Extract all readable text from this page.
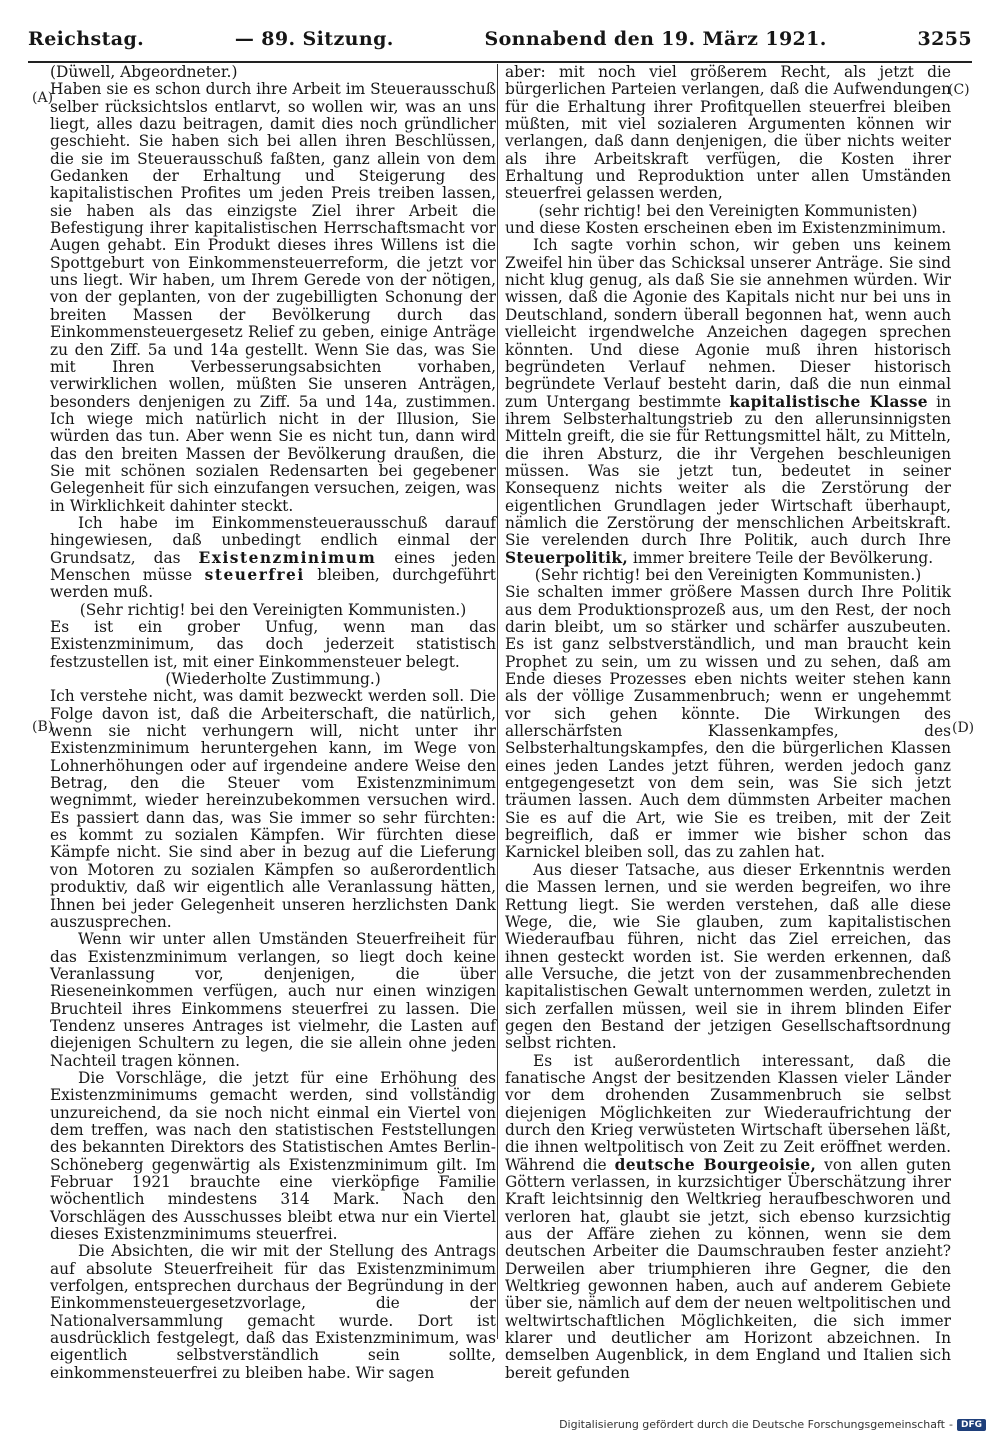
Reichstag.	— 89. Sitzung.	Sonnabend den 19. März 1921.	3255
(A)
(B)
(C)
(D)

(Düwell, Abgeordneter.)

Haben sie es schon durch ihre Arbeit im Steuerausschuß selber rücksichtslos entlarvt, so wollen wir, was an uns liegt, alles dazu beitragen, damit dies noch gründlicher geschieht. Sie haben sich bei allen ihren Beschlüssen, die sie im Steuerausschuß faßten, ganz allein von dem Gedanken der Erhaltung und Steigerung des kapitalistischen Profites um jeden Preis treiben lassen, sie haben als das einzigste Ziel ihrer Arbeit die Befestigung ihrer kapitalistischen Herrschaftsmacht vor Augen gehabt. Ein Produkt dieses ihres Willens ist die Spottgeburt von Einkommensteuerreform, die jetzt vor uns liegt. Wir haben, um Ihrem Gerede von der nötigen, von der geplanten, von der zugebilligten Schonung der breiten Massen der Bevölkerung durch das Einkommensteuergesetz Relief zu geben, einige Anträge zu den Ziff. 5a und 14a gestellt. Wenn Sie das, was Sie mit Ihren Verbesserungsabsichten vorhaben, verwirklichen wollen, müßten Sie unseren Anträgen, besonders denjenigen zu Ziff. 5a und 14a, zustimmen. Ich wiege mich natürlich nicht in der Illusion, Sie würden das tun. Aber wenn Sie es nicht tun, dann wird das den breiten Massen der Bevölkerung draußen, die Sie mit schönen sozialen Redensarten bei gegebener Gelegenheit für sich einzufangen versuchen, zeigen, was in Wirklichkeit dahinter steckt.

Ich habe im Einkommensteuerausschuß darauf hingewiesen, daß unbedingt endlich einmal der Grundsatz, das Existenzminimum eines jeden Menschen müsse steuerfrei bleiben, durchgeführt werden muß.

(Sehr richtig! bei den Vereinigten Kommunisten.)

Es ist ein grober Unfug, wenn man das Existenzminimum, das doch jederzeit statistisch festzustellen ist, mit einer Einkommensteuer belegt.

(Wiederholte Zustimmung.)

Ich verstehe nicht, was damit bezweckt werden soll. Die Folge davon ist, daß die Arbeiterschaft, die natürlich, wenn sie nicht verhungern will, nicht unter ihr Existenzminimum heruntergehen kann, im Wege von Lohnerhöhungen oder auf irgendeine andere Weise den Betrag, den die Steuer vom Existenzminimum wegnimmt, wieder hereinzubekommen versuchen wird. Es passiert dann das, was Sie immer so sehr fürchten: es kommt zu sozialen Kämpfen. Wir fürchten diese Kämpfe nicht. Sie sind aber in bezug auf die Lieferung von Motoren zu sozialen Kämpfen so außerordentlich produktiv, daß wir eigentlich alle Veranlassung hätten, Ihnen bei jeder Gelegenheit unseren herzlichsten Dank auszusprechen.

Wenn wir unter allen Umständen Steuerfreiheit für das Existenzminimum verlangen, so liegt doch keine Veranlassung vor, denjenigen, die über Rieseneinkommen verfügen, auch nur einen winzigen Bruchteil ihres Einkommens steuerfrei zu lassen. Die Tendenz unseres Antrages ist vielmehr, die Lasten auf diejenigen Schultern zu legen, die sie allein ohne jeden Nachteil tragen können.

Die Vorschläge, die jetzt für eine Erhöhung des Existenzminimums gemacht werden, sind vollständig unzureichend, da sie noch nicht einmal ein Viertel von dem treffen, was nach den statistischen Feststellungen des bekannten Direktors des Statistischen Amtes Berlin-Schöneberg gegenwärtig als Existenzminimum gilt. Im Februar 1921 brauchte eine vierköpfige Familie wöchentlich mindestens 314 Mark. Nach den Vorschlägen des Ausschusses bleibt etwa nur ein Viertel dieses Existenzminimums steuerfrei.

Die Absichten, die wir mit der Stellung des Antrags auf absolute Steuerfreiheit für das Existenzminimum verfolgen, entsprechen durchaus der Begründung in der Einkommensteuergesetzvorlage, die der Nationalversammlung gemacht wurde. Dort ist ausdrücklich festgelegt, daß das Existenzminimum, was eigentlich selbstverständlich sein sollte, einkommensteuerfrei zu bleiben habe. Wir sagen

aber: mit noch viel größerem Recht, als jetzt die bürgerlichen Parteien verlangen, daß die Aufwendungen für die Erhaltung ihrer Profitquellen steuerfrei bleiben müßten, mit viel sozialeren Argumenten können wir verlangen, daß dann denjenigen, die über nichts weiter als ihre Arbeitskraft verfügen, die Kosten ihrer Erhaltung und Reproduktion unter allen Umständen steuerfrei gelassen werden,

(sehr richtig! bei den Vereinigten Kommunisten)

und diese Kosten erscheinen eben im Existenzminimum.

Ich sagte vorhin schon, wir geben uns keinem Zweifel hin über das Schicksal unserer Anträge. Sie sind nicht klug genug, als daß Sie sie annehmen würden. Wir wissen, daß die Agonie des Kapitals nicht nur bei uns in Deutschland, sondern überall begonnen hat, wenn auch vielleicht irgendwelche Anzeichen dagegen sprechen könnten. Und diese Agonie muß ihren historisch begründeten Verlauf nehmen. Dieser historisch begründete Verlauf besteht darin, daß die nun einmal zum Untergang bestimmte kapitalistische Klasse in ihrem Selbsterhaltungstrieb zu den allerunsinnigsten Mitteln greift, die sie für Rettungsmittel hält, zu Mitteln, die ihren Absturz, die ihr Vergehen beschleunigen müssen. Was sie jetzt tun, bedeutet in seiner Konsequenz nichts weiter als die Zerstörung der eigentlichen Grundlagen jeder Wirtschaft überhaupt, nämlich die Zerstörung der menschlichen Arbeitskraft. Sie verelenden durch Ihre Politik, auch durch Ihre Steuerpolitik, immer breitere Teile der Bevölkerung.

(Sehr richtig! bei den Vereinigten Kommunisten.)

Sie schalten immer größere Massen durch Ihre Politik aus dem Produktionsprozeß aus, um den Rest, der noch darin bleibt, um so stärker und schärfer auszubeuten. Es ist ganz selbstverständlich, und man braucht kein Prophet zu sein, um zu wissen und zu sehen, daß am Ende dieses Prozesses eben nichts weiter stehen kann als der völlige Zusammenbruch; wenn er ungehemmt vor sich gehen könnte. Die Wirkungen des allerschärfsten Klassenkampfes, des Selbsterhaltungskampfes, den die bürgerlichen Klassen eines jeden Landes jetzt führen, werden jedoch ganz entgegengesetzt von dem sein, was Sie sich jetzt träumen lassen. Auch dem dümmsten Arbeiter machen Sie es auf die Art, wie Sie es treiben, mit der Zeit begreiflich, daß er immer wie bisher schon das Karnickel bleiben soll, das zu zahlen hat.

Aus dieser Tatsache, aus dieser Erkenntnis werden die Massen lernen, und sie werden begreifen, wo ihre Rettung liegt. Sie werden verstehen, daß alle diese Wege, die, wie Sie glauben, zum kapitalistischen Wiederaufbau führen, nicht das Ziel erreichen, das ihnen gesteckt worden ist. Sie werden erkennen, daß alle Versuche, die jetzt von der zusammenbrechenden kapitalistischen Gewalt unternommen werden, zuletzt in sich zerfallen müssen, weil sie in ihrem blinden Eifer gegen den Bestand der jetzigen Gesellschaftsordnung selbst richten.

Es ist außerordentlich interessant, daß die fanatische Angst der besitzenden Klassen vieler Länder vor dem drohenden Zusammenbruch sie selbst diejenigen Möglichkeiten zur Wiederaufrichtung der durch den Krieg verwüsteten Wirtschaft übersehen läßt, die ihnen weltpolitisch von Zeit zu Zeit eröffnet werden. Während die deutsche Bourgeoisie, von allen guten Göttern verlassen, in kurzsichtiger Überschätzung ihrer Kraft leichtsinnig den Weltkrieg heraufbeschworen und verloren hat, glaubt sie jetzt, sich ebenso kurzsichtig aus der Affäre ziehen zu können, wenn sie dem deutschen Arbeiter die Daumschrauben fester anzieht? Derweilen aber triumphieren ihre Gegner, die den Weltkrieg gewonnen haben, auch auf anderem Gebiete über sie, nämlich auf dem der neuen weltpolitischen und weltwirtschaftlichen Möglichkeiten, die sich immer klarer und deutlicher am Horizont abzeichnen. In demselben Augenblick, in dem England und Italien sich bereit gefunden

Digitalisierung gefördert durch die Deutsche Forschungsgemeinschaft - DFG
